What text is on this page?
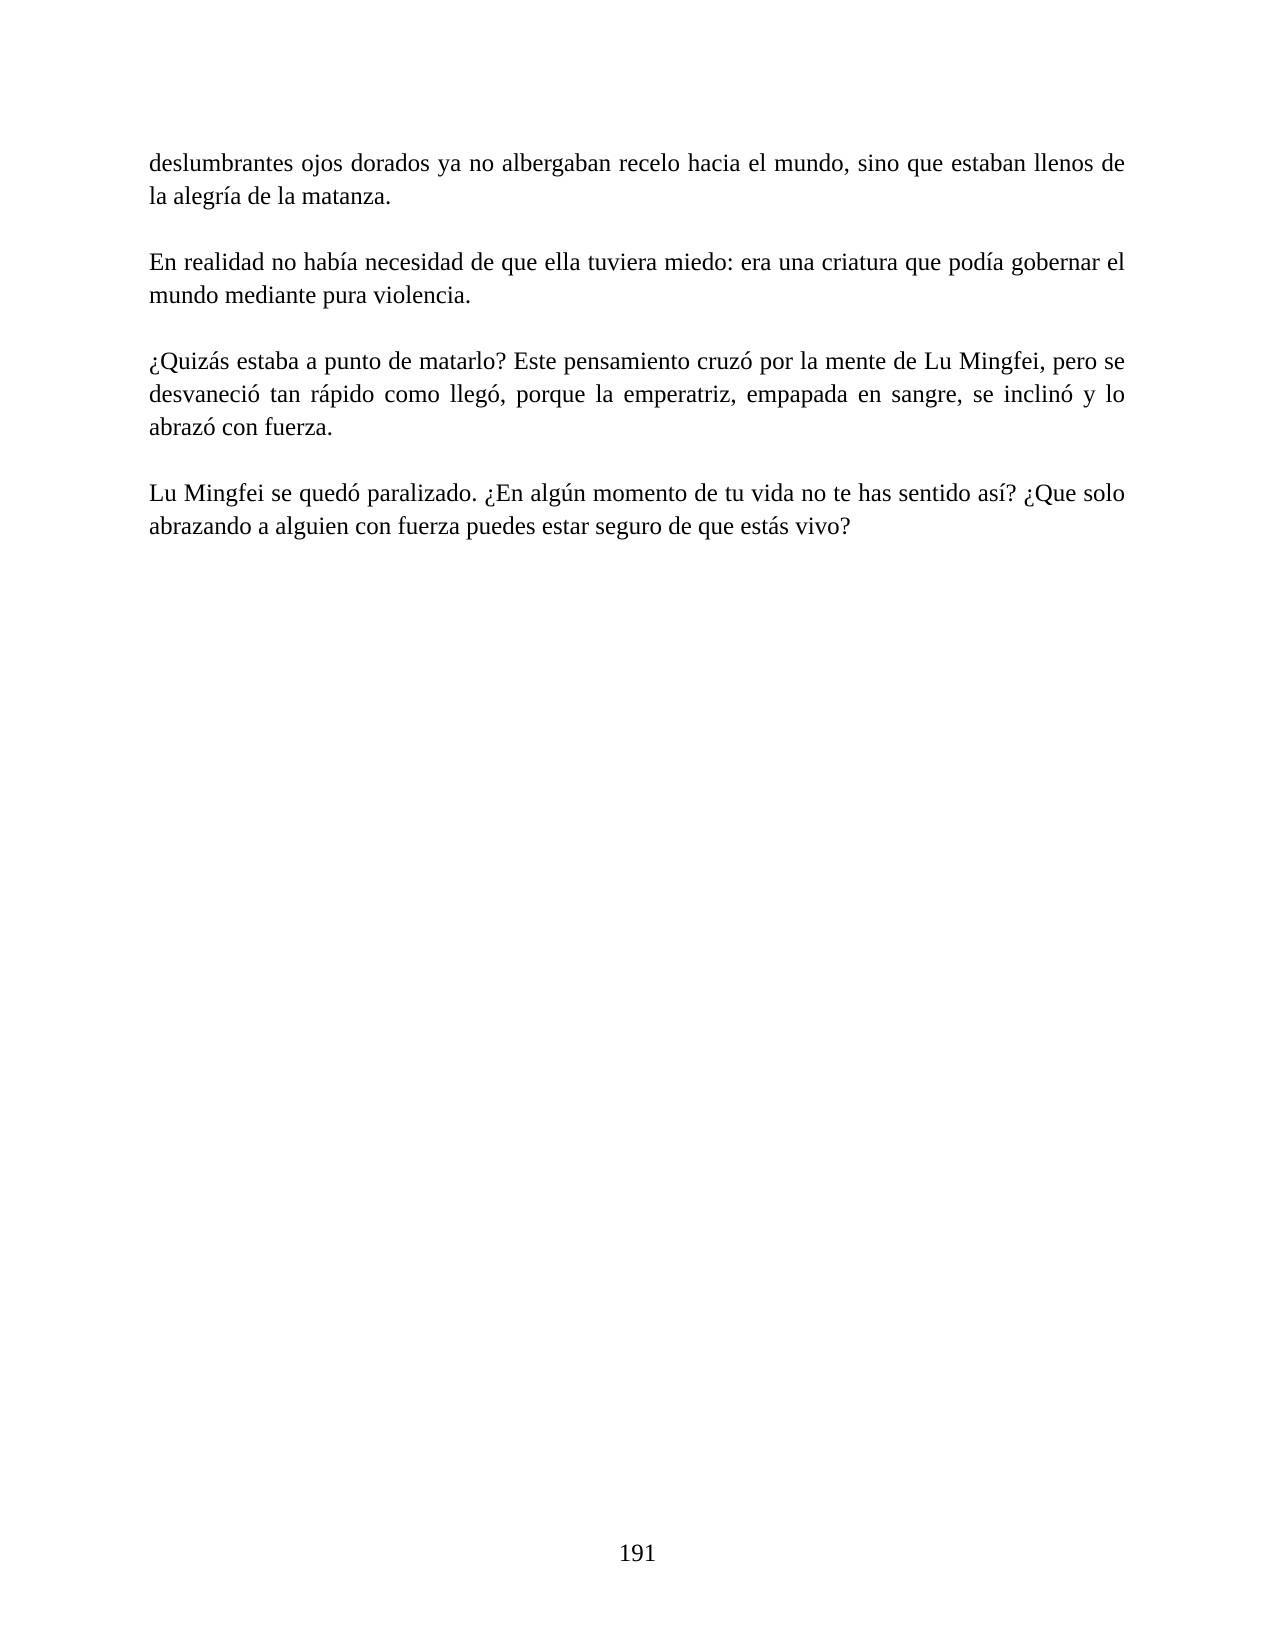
deslumbrantes ojos dorados ya no albergaban recelo hacia el mundo, sino que estaban llenos de
la alegría de la matanza.

En realidad no había necesidad de que ella tuviera miedo: era una criatura que podía gobernar el
mundo mediante pura violencia.

¿Quizás estaba a punto de matarlo? Este pensamiento cruzó por la mente de Lu Mingfei, pero se
desvaneció tan rápido como llegó, porque la emperatriz, empapada en sangre, se inclinó y lo
abrazó con fuerza.

Lu Mingfei se quedó paralizado. ¿En algún momento de tu vida no te has sentido así? ¿Que solo
abrazando a alguien con fuerza puedes estar seguro de que estás vivo?

191
